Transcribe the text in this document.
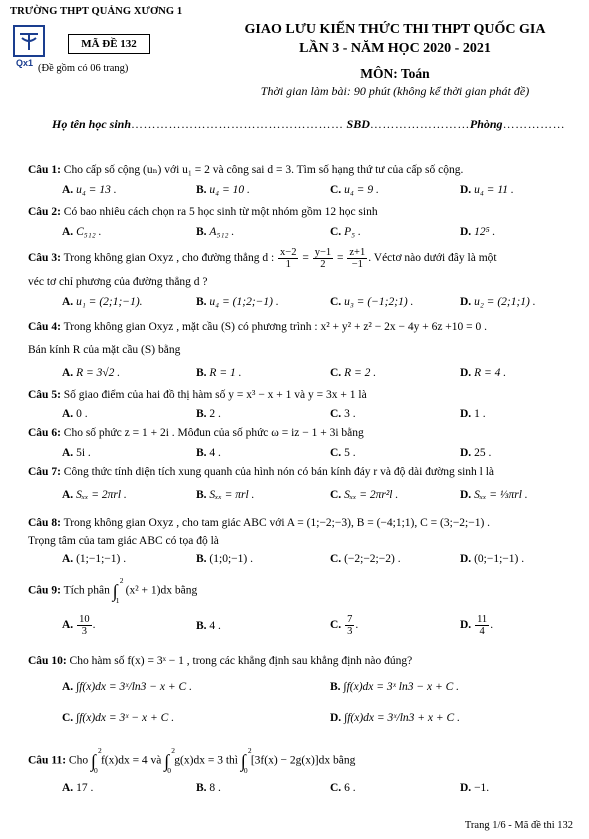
TRƯỜNG THPT QUẢNG XƯƠNG 1
Qx1
MÃ ĐỀ 132
(Đề gồm có 06 trang)
GIAO LƯU KIẾN THỨC THI THPT QUỐC GIA
LẦN 3 - NĂM HỌC 2020 - 2021
MÔN: Toán
Thời gian làm bài: 90 phút (không kể thời gian phát đề)
Họ tên học sinh…………………………………………… SBD……………………Phòng……………
Câu 1: Cho cấp số cộng (uₙ) với u₁ = 2 và công sai d = 3. Tìm số hạng thứ tư của cấp số cộng.
A. u₄ = 13 .	B. u₄ = 10 .	C. u₄ = 9 .	D. u₄ = 11 .
Câu 2: Có bao nhiêu cách chọn ra 5 học sinh từ một nhóm gồm 12 học sinh
A. C₅₁₂ .	B. A₅₁₂ .	C. P₅ .	D. 12⁵ .
Câu 3: Trong không gian Oxyz , cho đường thẳng d : $\frac{x-2}{1} = \frac{y-1}{2} = \frac{z+1}{-1}$ . Véctơ nào dưới đây là một
véc tơ chỉ phương của đường thẳng d ?
A. u₁ = (2;1;−1).	B. u₄ = (1;2;−1) .	C. u₃ = (−1;2;1) .	D. u₂ = (2;1;1) .
Câu 4: Trong không gian Oxyz , mặt cầu (S) có phương trình : x² + y² + z² − 2x − 4y + 6z +10 = 0 .
Bán kính R của mặt cầu (S) bằng
A. R = 3√2 .	B. R = 1 .	C. R = 2 .	D. R = 4 .
Câu 5: Số giao điểm của hai đồ thị hàm số y = x³ − x + 1 và y = 3x + 1 là
A. 0 .	B. 2 .	C. 3 .	D. 1 .
Câu 6: Cho số phức z = 1 + 2i . Môđun của số phức ω = iz − 1 + 3i bằng
A. 5i .	B. 4 .	C. 5 .	D. 25 .
Câu 7: Công thức tính diện tích xung quanh của hình nón có bán kính đáy r và độ dài đường sinh l là
A. Sₓₓ = 2πrl .	B. Sₓₓ = πrl .	C. Sₓₓ = 2πr²l .	D. Sₓₓ = ⅓πrl .
Câu 8: Trong không gian Oxyz , cho tam giác ABC với A = (1;−2;−3), B = (−4;1;1), C = (3;−2;−1) .
Trọng tâm của tam giác ABC có tọa độ là
A. (1;−1;−1) .	B. (1;0;−1) .	C. (−2;−2;−2) .	D. (0;−1;−1) .
Câu 9: Tích phân ∫
2
1
(x² + 1)dx bằng
A. $\frac{10}{3}$ .	B. 4 .	C. $\frac{7}{3}$ .	D. $\frac{11}{4}$ .
Câu 10: Cho hàm số f(x) = 3ˣ − 1 , trong các khẳng định sau khẳng định nào đúng?
A. ∫f(x)dx = 3ˣ/ln3 − x + C .	B. ∫f(x)dx = 3ˣ ln3 − x + C .
C. ∫f(x)dx = 3ˣ − x + C .	D. ∫f(x)dx = 3ˣ/ln3 + x + C .
Câu 11: Cho ∫
2
0
f(x)dx = 4 và ∫
2
0
g(x)dx = 3 thì ∫
2
0
[3f(x) − 2g(x)]dx bằng
A. 17 .	B. 8 .	C. 6 .	D. −1.
Trang 1/6 - Mã đề thi 132
